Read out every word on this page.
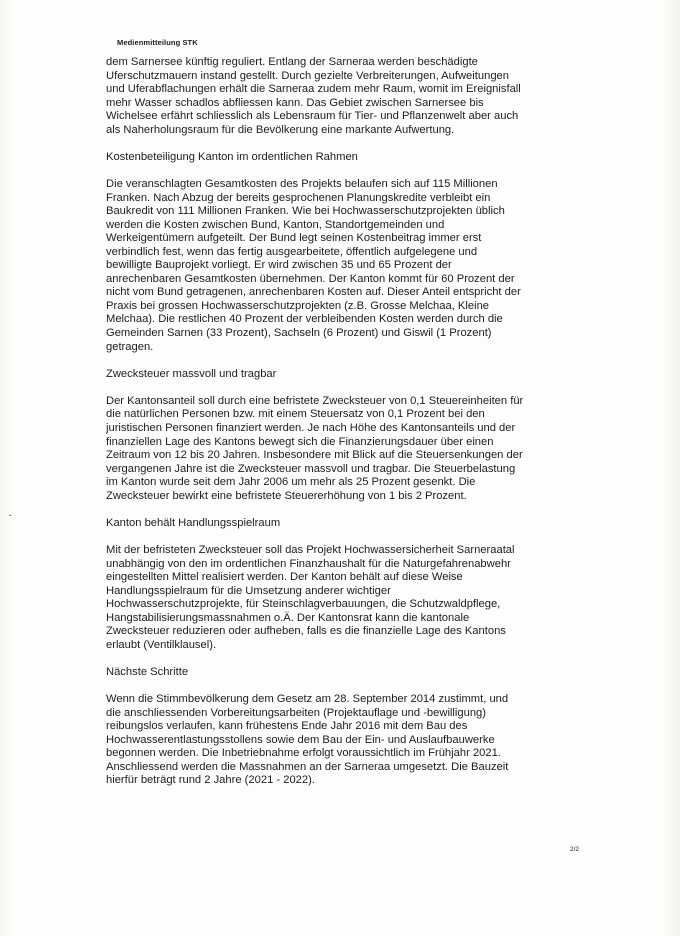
Medienmitteilung STK

dem Sarnersee künftig reguliert. Entlang der Sarneraa werden beschädigte

Uferschutzmauern instand gestellt. Durch gezielte Verbreiterungen, Aufweitungen

und Uferabflachungen erhält die Sarneraa zudem mehr Raum, womit im Ereignisfall

mehr Wasser schadlos abfliessen kann. Das Gebiet zwischen Sarnersee bis

Wichelsee erfährt schliesslich als Lebensraum für Tier- und Pflanzenwelt aber auch

als Naherholungsraum für die Bevölkerung eine markante Aufwertung.

Kostenbeteiligung Kanton im ordentlichen Rahmen

Die veranschlagten Gesamtkosten des Projekts belaufen sich auf 115 Millionen

Franken. Nach Abzug der bereits gesprochenen Planungskredite verbleibt ein

Baukredit von 111 Millionen Franken. Wie bei Hochwasserschutzprojekten üblich

werden die Kosten zwischen Bund, Kanton, Standortgemeinden und

Werkeigentümern aufgeteilt. Der Bund legt seinen Kostenbeitrag immer erst

verbindlich fest, wenn das fertig ausgearbeitete, öffentlich aufgelegene und

bewilligte Bauprojekt vorliegt. Er wird zwischen 35 und 65 Prozent der

anrechenbaren Gesamtkosten übernehmen. Der Kanton kommt für 60 Prozent der

nicht vom Bund getragenen, anrechenbaren Kosten auf. Dieser Anteil entspricht der

Praxis bei grossen Hochwasserschutzprojekten (z.B. Grosse Melchaa, Kleine

Melchaa). Die restlichen 40 Prozent der verbleibenden Kosten werden durch die

Gemeinden Sarnen (33 Prozent), Sachseln (6 Prozent) und Giswil (1 Prozent)

getragen.

Zwecksteuer massvoll und tragbar

Der Kantonsanteil soll durch eine befristete Zwecksteuer von 0,1 Steuereinheiten für

die natürlichen Personen bzw. mit einem Steuersatz von 0,1 Prozent bei den

juristischen Personen finanziert werden. Je nach Höhe des Kantonsanteils und der

finanziellen Lage des Kantons bewegt sich die Finanzierungsdauer über einen

Zeitraum von 12 bis 20 Jahren. Insbesondere mit Blick auf die Steuersenkungen der

vergangenen Jahre ist die Zwecksteuer massvoll und tragbar. Die Steuerbelastung

im Kanton wurde seit dem Jahr 2006 um mehr als 25 Prozent gesenkt. Die

Zwecksteuer bewirkt eine befristete Steuererhöhung von 1 bis 2 Prozent.

Kanton behält Handlungsspielraum

Mit der befristeten Zwecksteuer soll das Projekt Hochwassersicherheit Sarneraatal

unabhängig von den im ordentlichen Finanzhaushalt für die Naturgefahrenabwehr

eingestellten Mittel realisiert werden. Der Kanton behält auf diese Weise

Handlungsspielraum für die Umsetzung anderer wichtiger

Hochwasserschutzprojekte, für Steinschlagverbauungen, die Schutzwaldpflege,

Hangstabilisierungsmassnahmen o.Ä. Der Kantonsrat kann die kantonale

Zwecksteuer reduzieren oder aufheben, falls es die finanzielle Lage des Kantons

erlaubt (Ventilklausel).

Nächste Schritte

Wenn die Stimmbevölkerung dem Gesetz am 28. September 2014 zustimmt, und

die anschliessenden Vorbereitungsarbeiten (Projektauflage und -bewilligung)

reibungslos verlaufen, kann frühestens Ende Jahr 2016 mit dem Bau des

Hochwasserentlastungsstollens sowie dem Bau der Ein- und Auslaufbauwerke

begonnen werden. Die Inbetriebnahme erfolgt voraussichtlich im Frühjahr 2021.

Anschliessend werden die Massnahmen an der Sarneraa umgesetzt. Die Bauzeit

hierfür beträgt rund 2 Jahre (2021 - 2022).

2/2
